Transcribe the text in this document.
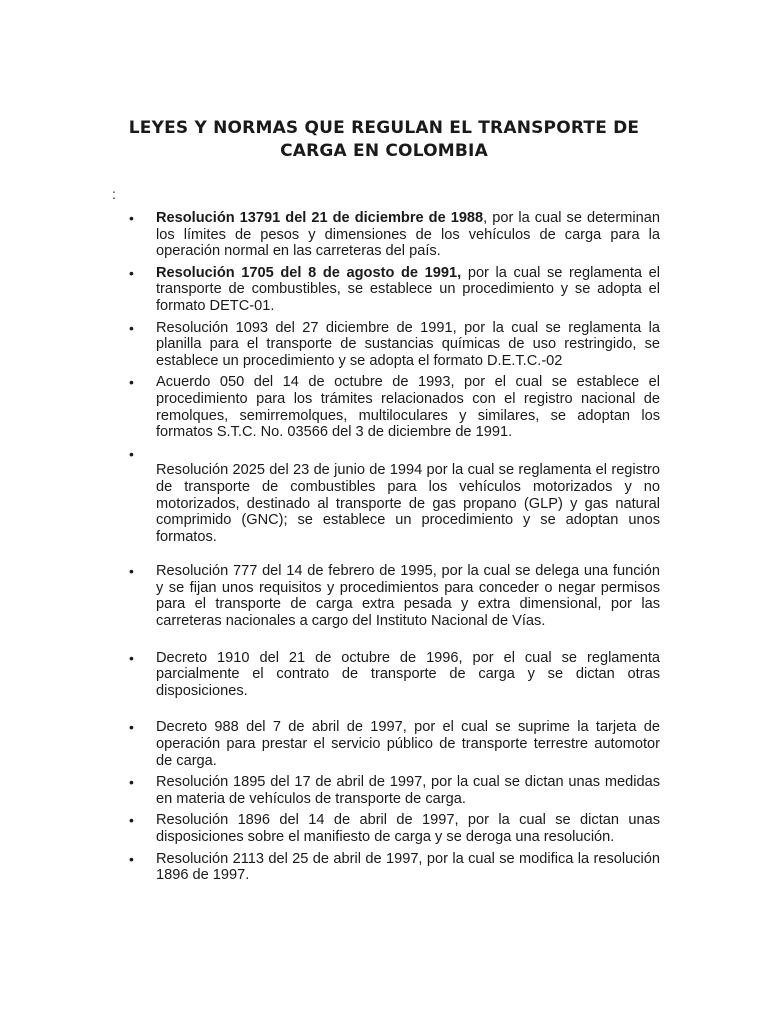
LEYES Y NORMAS QUE REGULAN EL TRANSPORTE DE CARGA EN COLOMBIA
:
• Resolución 13791 del 21 de diciembre de 1988, por la cual se determinan los límites de pesos y dimensiones de los vehículos de carga para la operación normal en las carreteras del país.
• Resolución 1705 del 8 de agosto de 1991, por la cual se reglamenta el transporte de combustibles, se establece un procedimiento y se adopta el formato DETC-01.
• Resolución 1093 del 27 diciembre de 1991, por la cual se reglamenta la planilla para el transporte de sustancias químicas de uso restringido, se establece un procedimiento y se adopta el formato D.E.T.C.-02
• Acuerdo 050 del 14 de octubre de 1993, por el cual se establece el procedimiento para los trámites relacionados con el registro nacional de remolques, semirremolques, multiloculares y similares, se adoptan los formatos S.T.C. No. 03566 del 3 de diciembre de 1991.
•
Resolución 2025 del 23 de junio de 1994 por la cual se reglamenta el registro de transporte de combustibles para los vehículos motorizados y no motorizados, destinado al transporte de gas propano (GLP) y gas natural comprimido (GNC); se establece un procedimiento y se adoptan unos formatos.
• Resolución 777 del 14 de febrero de 1995, por la cual se delega una función y se fijan unos requisitos y procedimientos para conceder o negar permisos para el transporte de carga extra pesada y extra dimensional, por las carreteras nacionales a cargo del Instituto Nacional de Vías.
• Decreto 1910 del 21 de octubre de 1996, por el cual se reglamenta parcialmente el contrato de transporte de carga y se dictan otras disposiciones.
• Decreto 988 del 7 de abril de 1997, por el cual se suprime la tarjeta de operación para prestar el servicio público de transporte terrestre automotor de carga.
• Resolución 1895 del 17 de abril de 1997, por la cual se dictan unas medidas en materia de vehículos de transporte de carga.
• Resolución 1896 del 14 de abril de 1997, por la cual se dictan unas disposiciones sobre el manifiesto de carga y se deroga una resolución.
• Resolución 2113 del 25 de abril de 1997, por la cual se modifica la resolución 1896 de 1997.
